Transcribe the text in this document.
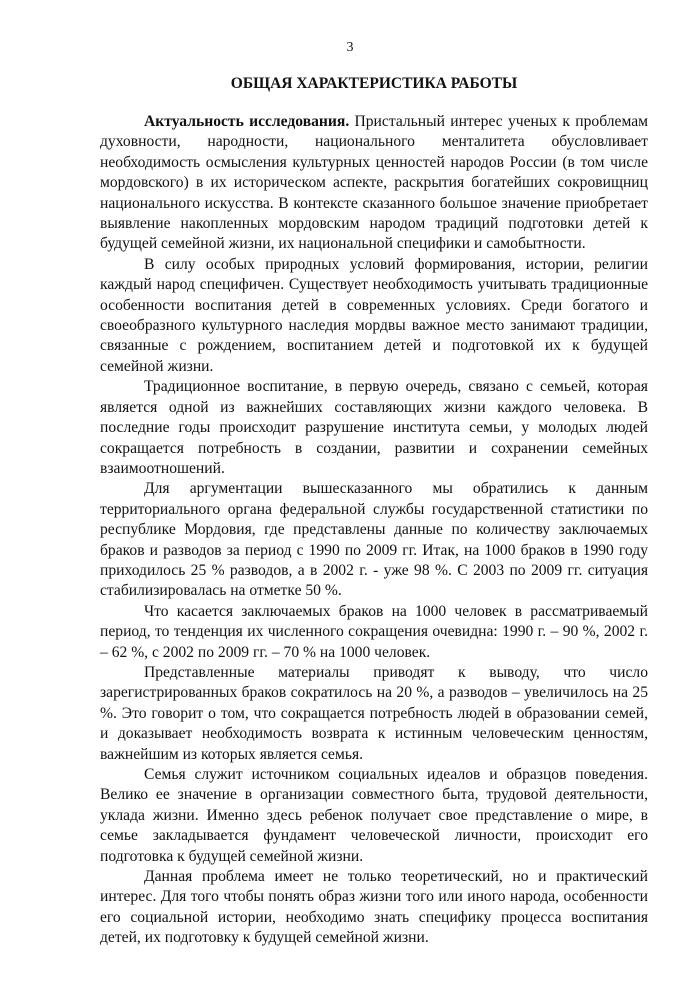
3
ОБЩАЯ ХАРАКТЕРИСТИКА РАБОТЫ

Актуальность исследования. Пристальный интерес ученых к проблемам духовности, народности, национального менталитета обусловливает необходимость осмысления культурных ценностей народов России (в том числе мордовского) в их историческом аспекте, раскрытия богатейших сокровищниц национального искусства. В контексте сказанного большое значение приобретает выявление накопленных мордовским народом традиций подготовки детей к будущей семейной жизни, их национальной специфики и самобытности.

В силу особых природных условий формирования, истории, религии каждый народ специфичен. Существует необходимость учитывать традиционные особенности воспитания детей в современных условиях. Среди богатого и своеобразного культурного наследия мордвы важное место занимают традиции, связанные с рождением, воспитанием детей и подготовкой их к будущей семейной жизни.

Традиционное воспитание, в первую очередь, связано с семьей, которая является одной из важнейших составляющих жизни каждого человека. В последние годы происходит разрушение института семьи, у молодых людей сокращается потребность в создании, развитии и сохранении семейных взаимоотношений.

Для аргументации вышесказанного мы обратились к данным территориального органа федеральной службы государственной статистики по республике Мордовия, где представлены данные по количеству заключаемых браков и разводов за период с 1990 по 2009 гг. Итак, на 1000 браков в 1990 году приходилось 25 % разводов, а в 2002 г. - уже 98 %. С 2003 по 2009 гг. ситуация стабилизировалась на отметке 50 %.

Что касается заключаемых браков на 1000 человек в рассматриваемый период, то тенденция их численного сокращения очевидна: 1990 г. – 90 %, 2002 г. – 62 %, с 2002 по 2009 гг. – 70 % на 1000 человек.

Представленные материалы приводят к выводу, что число зарегистрированных браков сократилось на 20 %, а разводов – увеличилось на 25 %. Это говорит о том, что сокращается потребность людей в образовании семей, и доказывает необходимость возврата к истинным человеческим ценностям, важнейшим из которых является семья.

Семья служит источником социальных идеалов и образцов поведения. Велико ее значение в организации совместного быта, трудовой деятельности, уклада жизни. Именно здесь ребенок получает свое представление о мире, в семье закладывается фундамент человеческой личности, происходит его подготовка к будущей семейной жизни.

Данная проблема имеет не только теоретический, но и практический интерес. Для того чтобы понять образ жизни того или иного народа, особенности его социальной истории, необходимо знать специфику процесса воспитания детей, их подготовку к будущей семейной жизни.
